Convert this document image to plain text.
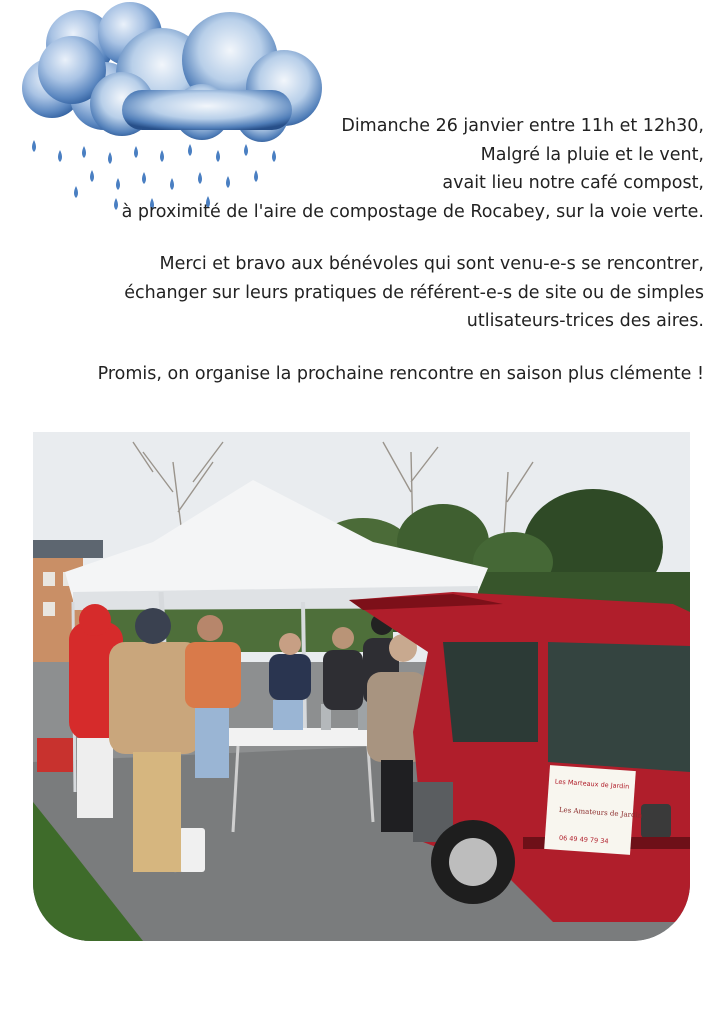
Dimanche 26 janvier entre 11h et 12h30,
Malgré la pluie et le vent,
avait lieu notre café compost,
à proximité de l'aire de compostage de Rocabey, sur la voie verte.
Merci et bravo aux bénévoles qui sont venu-e-s se rencontrer,
échanger sur leurs pratiques de référent-e-s de site ou de simples
utlisateurs-trices des aires.
Promis, on organise la prochaine rencontre en saison plus clémente !
Les Marteaux de Jardin
Les Amateurs de Jardin
06 49 49 79 34
